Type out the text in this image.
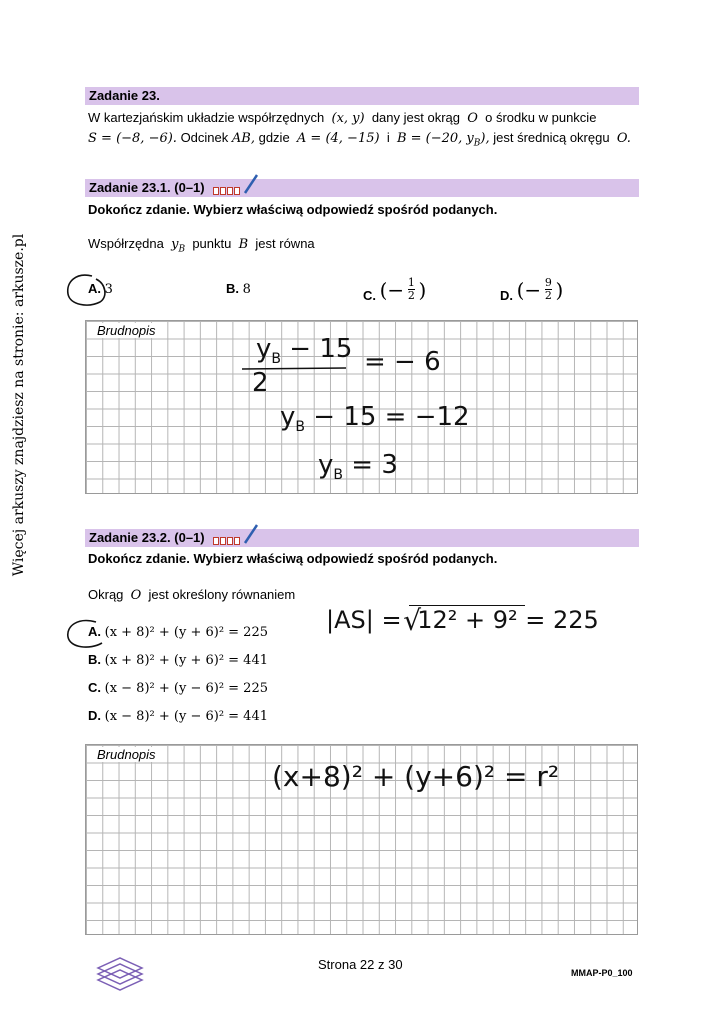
Więcej arkuszy znajdziesz na stronie: arkusze.pl
Zadanie 23.
W kartezjańskim układzie współrzędnych (x, y) dany jest okrąg O o środku w punkcie
S = (−8, −6). Odcinek AB, gdzie A = (4, −15) i B = (−20, $y_B$), jest średnicą okręgu O.
Zadanie 23.1. (0–1)
Dokończ zdanie. Wybierz właściwą odpowiedź spośród podanych.
Współrzędna $y_B$ punktu B jest równa
A. 3	B. 8	C. (− $\frac{1}{2}$ )	D. (− $\frac{9}{2}$ )
Brudnopis
$y_B - 15$
2
= − 6
$y_B - 15 = -12$
$y_B = 3$
Zadanie 23.2. (0–1)
Dokończ zdanie. Wybierz właściwą odpowiedź spośród podanych.
Okrąg O jest określony równaniem
A. (x + 8)² + (y + 6)² = 225
B. (x + 8)² + (y + 6)² = 441
C. (x − 8)² + (y − 6)² = 225
D. (x − 8)² + (y − 6)² = 441
|AS| =
√
12² + 9² = 225
Brudnopis
(x+8)² + (y+6)² = r²
Strona 22 z 30
MMAP-P0_100
